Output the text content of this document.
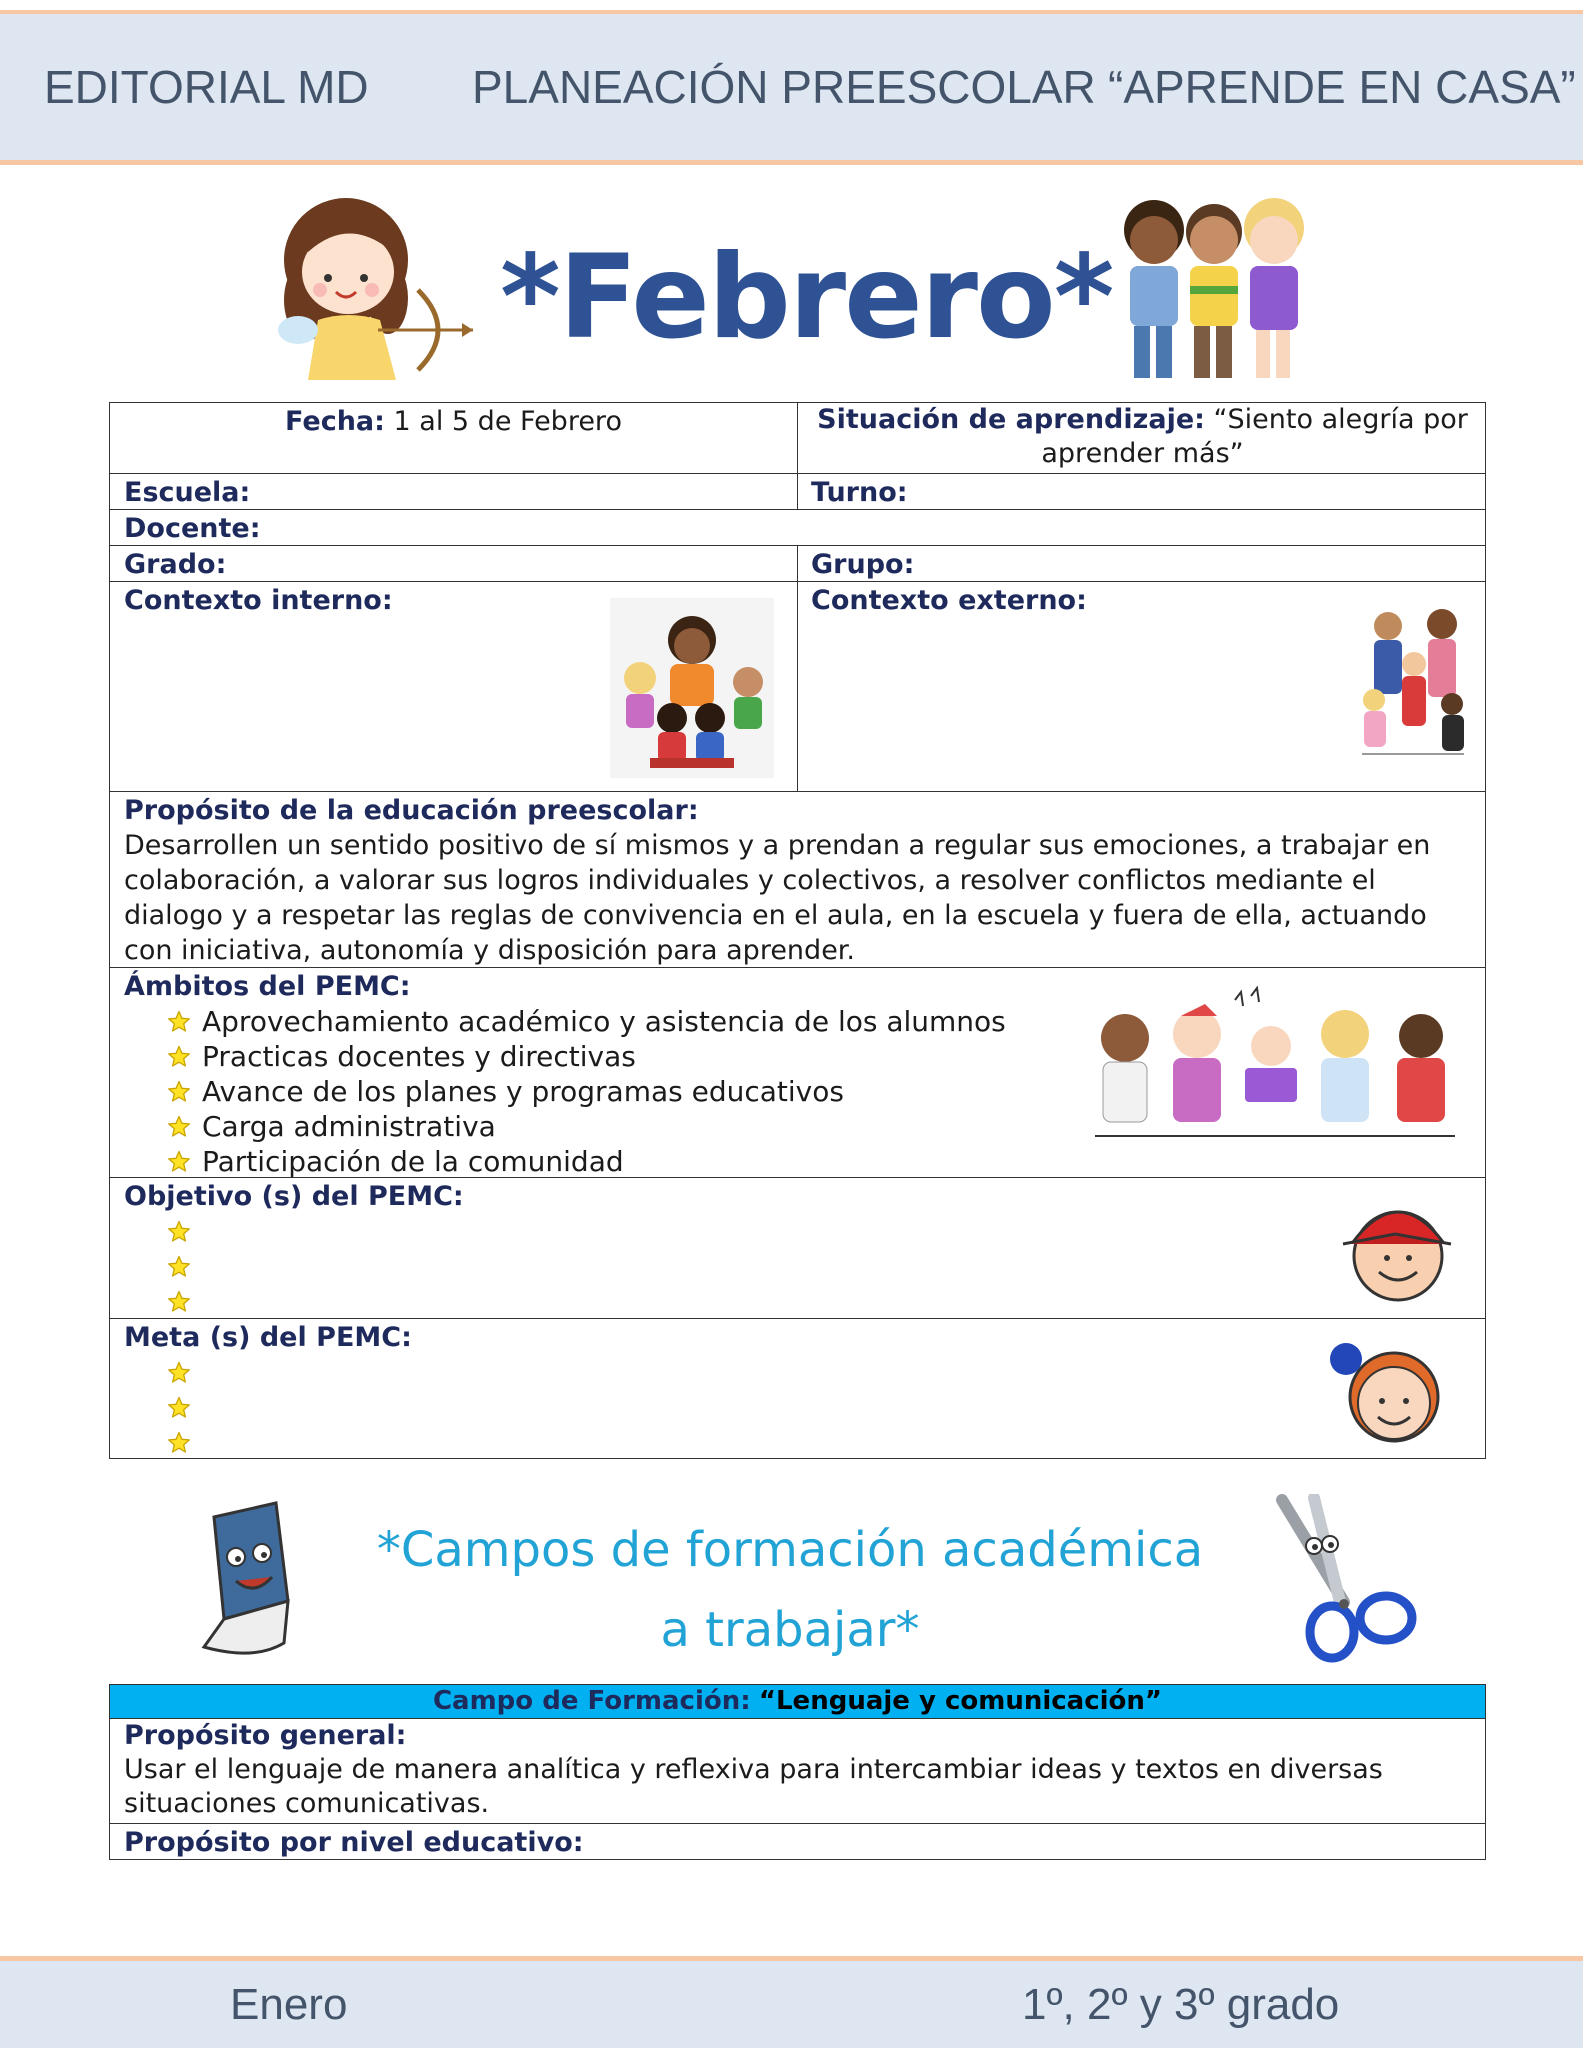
EDITORIAL MD PLANEACIÓN PREESCOLAR “APRENDE EN CASA”
*Febrero*
Fecha: 1 al 5 de Febrero	Situación de aprendizaje: “Siento alegría por aprender más”
Escuela:	Turno:
Docente:
Grado:	Grupo:
Contexto interno:	Contexto externo:
Propósito de la educación preescolar:
Desarrollen un sentido positivo de sí mismos y a prendan a regular sus emociones, a trabajar en colaboración, a valorar sus logros individuales y colectivos, a resolver conflictos mediante el dialogo y a respetar las reglas de convivencia en el aula, en la escuela y fuera de ella, actuando con iniciativa, autonomía y disposición para aprender.
Ámbitos del PEMC:
Aprovechamiento académico y asistencia de los alumnos
Practicas docentes y directivas
Avance de los planes y programas educativos
Carga administrativa
Participación de la comunidad
Objetivo (s) del PEMC:
Meta (s) del PEMC:
*Campos de formación académica
a trabajar*
Campo de Formación: “Lenguaje y comunicación”
Propósito general:
Usar el lenguaje de manera analítica y reflexiva para intercambiar ideas y textos en diversas situaciones comunicativas.
Propósito por nivel educativo:
Enero	1º, 2º y 3º grado
